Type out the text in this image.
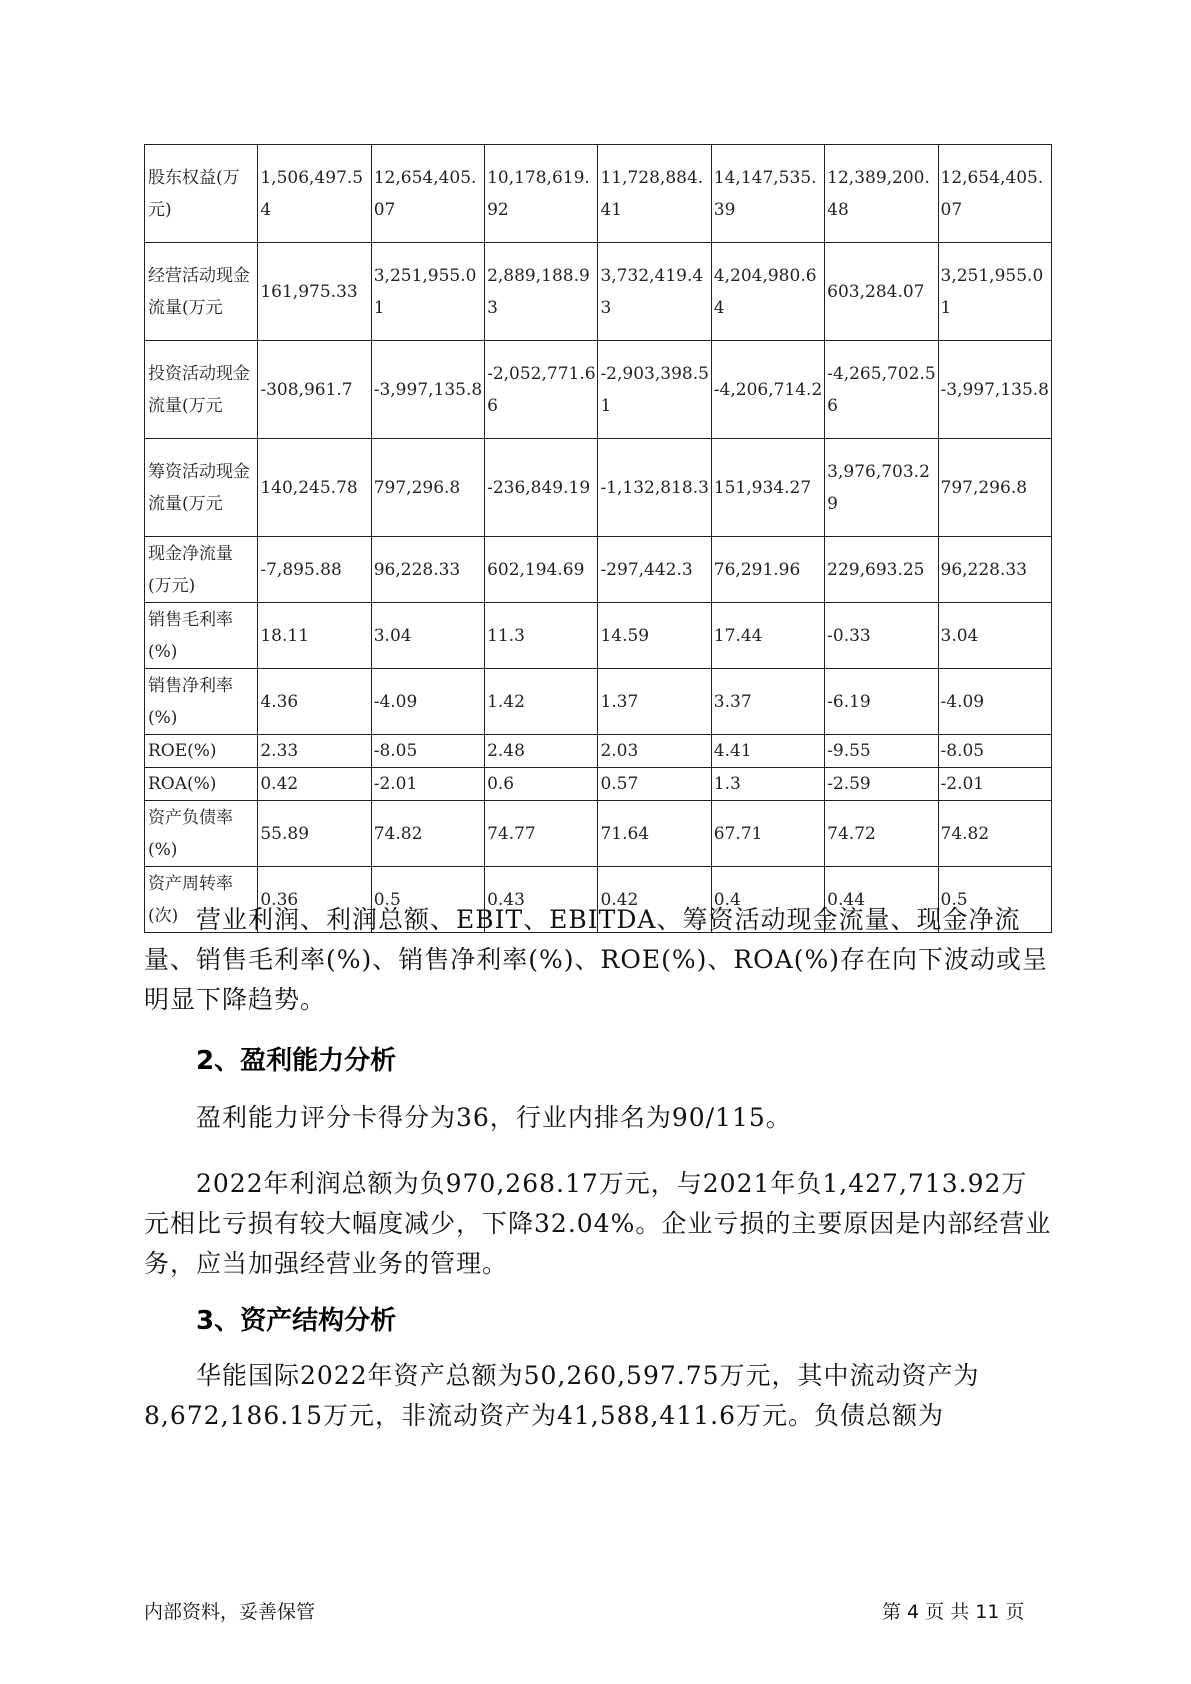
股东权益(万元)	1,506,497.54	12,654,405.07	10,178,619.92	11,728,884.41	14,147,535.39	12,389,200.48	12,654,405.07
经营活动现金流量(万元	161,975.33	3,251,955.01	2,889,188.93	3,732,419.43	4,204,980.64	603,284.07	3,251,955.01
投资活动现金流量(万元	-308,961.7	-3,997,135.8	-2,052,771.66	-2,903,398.51	-4,206,714.2	-4,265,702.56	-3,997,135.8
筹资活动现金流量(万元	140,245.78	797,296.8	-236,849.19	-1,132,818.3	151,934.27	3,976,703.29	797,296.8
现金净流量(万元)	-7,895.88	96,228.33	602,194.69	-297,442.3	76,291.96	229,693.25	96,228.33
销售毛利率(%)	18.11	3.04	11.3	14.59	17.44	-0.33	3.04
销售净利率(%)	4.36	-4.09	1.42	1.37	3.37	-6.19	-4.09
ROE(%)	2.33	-8.05	2.48	2.03	4.41	-9.55	-8.05
ROA(%)	0.42	-2.01	0.6	0.57	1.3	-2.59	-2.01
资产负债率(%)	55.89	74.82	74.77	71.64	67.71	74.72	74.82
资产周转率(次)	0.36	0.5	0.43	0.42	0.4	0.44	0.5

营业利润、利润总额、EBIT、EBITDA、筹资活动现金流量、现金净流量、销售毛利率(%)、销售净利率(%)、ROE(%)、ROA(%)存在向下波动或呈明显下降趋势。

2、盈利能力分析

盈利能力评分卡得分为36，行业内排名为90/115。

2022年利润总额为负970,268.17万元，与2021年负1,427,713.92万元相比亏损有较大幅度减少，下降32.04%。企业亏损的主要原因是内部经营业务，应当加强经营业务的管理。

3、资产结构分析

华能国际2022年资产总额为50,260,597.75万元，其中流动资产为8,672,186.15万元，非流动资产为41,588,411.6万元。负债总额为

内部资料，妥善保管	第 4 页 共 11 页
